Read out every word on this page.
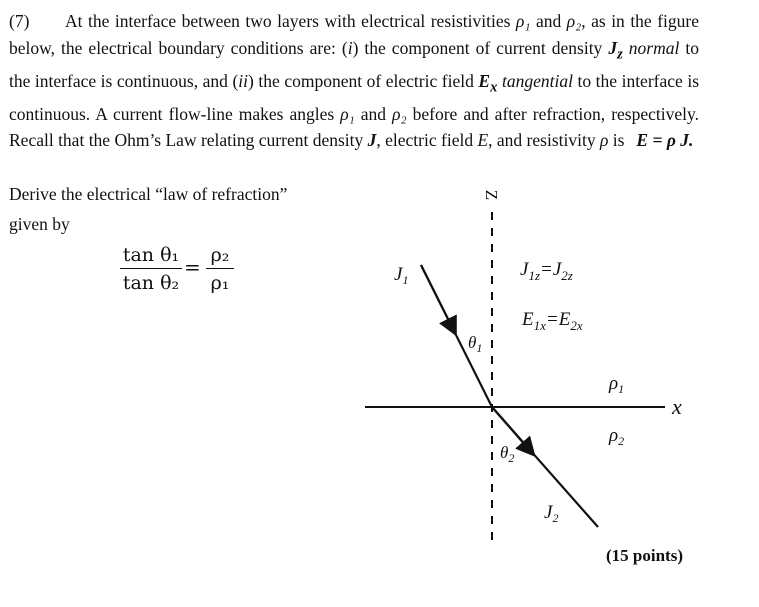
(7) At the interface between two layers with electrical resistivities ρ₁ and ρ₂, as in the figure below, the electrical boundary conditions are: (i) the component of current density $J_z$ normal to the interface is continuous, and (ii) the component of electric field $E_x$ tangential to the interface is continuous. A current flow-line makes angles ρ₁ and ρ₂ before and after refraction, respectively. Recall that the Ohm’s Law relating current density J, electric field E, and resistivity ρ is E = ρ J.
Derive the electrical “law of refraction”
given by
tan θ₁
tan θ₂
= ρ₂
ρ₁
Z
x
$J_1$
$J_2$
$J_{1z}=J_{2z}$
$E_{1x}=E_{2x}$
$\theta_1$
$\theta_2$
$\rho_1$
$\rho_2$
(15 points)
